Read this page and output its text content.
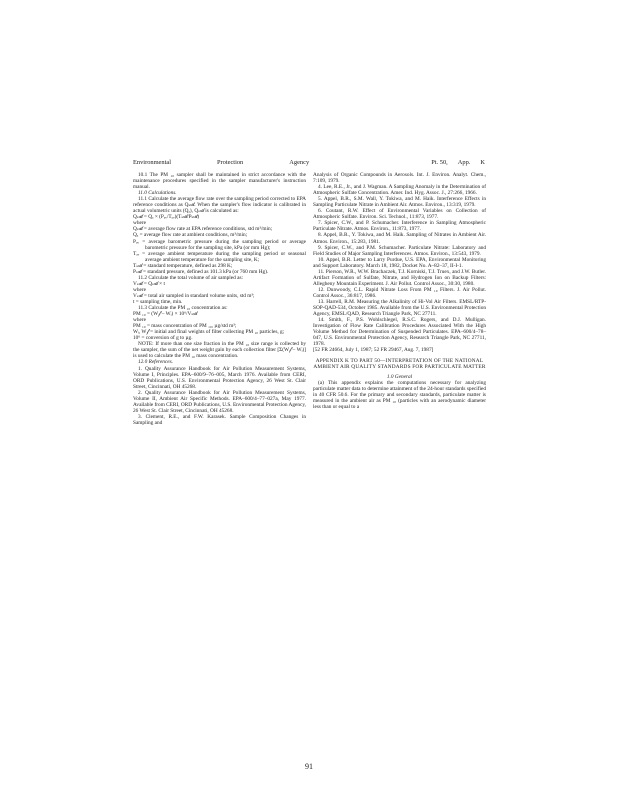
Environmental	Protection	Agency	Pt. 50, App. K

10.1 The PM ₁₀ sampler shall be maintained in strict accordance with the maintenance procedures specified in the sampler manufacturer's instruction manual.

11.0 Calculations.

11.1 Calculate the average flow rate over the sampling period corrected to EPA reference conditions as Qₛₜ𝒹. When the sampler's flow indicator is calibrated in actual volumetric units (Qₐ), Qₛₜ𝒹 is calculated as:

Qₛₜ𝒹 = Qₐ × (Pₐᵥ/Tₐᵥ)(Tₛₜ𝒹/Pₛₜ𝒹)

where

Qₛₜ𝒹 = average flow rate at EPA reference conditions, std m³/min;

Qₐ = average flow rate at ambient conditions, m³/min;

Pₐᵥ = average barometric pressure during the sampling period or average barometric pressure for the sampling site, kPa (or mm Hg);

Tₐᵥ = average ambient temperature during the sampling period or seasonal average ambient temperature for the sampling site, K;

Tₛₜ𝒹 = standard temperature, defined as 298 K;

Pₛₜ𝒹 = standard pressure, defined as 101.3 kPa (or 760 mm Hg).

11.2 Calculate the total volume of air sampled as:

Vₛₜ𝒹 = Qₛₜ𝒹 × t

where

Vₛₜ𝒹 = total air sampled in standard volume units, std m³;

t = sampling time, min.

11.3 Calculate the PM ₁₀ concentration as:

PM ₁₀ = (W𝒻 – Wᵢ) × 10⁶/Vₛₜ𝒹

where

PM ₁₀ = mass concentration of PM ₁₀, µg/std m³;

Wᵢ, W𝒻 = initial and final weights of filter collecting PM ₁₀ particles, g;

10⁶ = conversion of g to µg.

NOTE: If more than one size fraction in the PM ₁₀ size range is collected by the sampler, the sum of the net weight gain by each collection filter [Σ(W𝒻 – Wᵢ)] is used to calculate the PM ₁₀ mass concentration.

12.0 References.

1. Quality Assurance Handbook for Air Pollution Measurement Systems, Volume I, Principles. EPA–600/9–76–005, March 1976. Available from CERI, ORD Publications, U.S. Environmental Protection Agency, 26 West St. Clair Street, Cincinnati, OH 45268.

2. Quality Assurance Handbook for Air Pollution Measurement Systems, Volume II, Ambient Air Specific Methods. EPA–600/4–77–027a, May 1977. Available from CERI, ORD Publications, U.S. Environmental Protection Agency, 26 West St. Clair Street, Cincinnati, OH 45268.

3. Clement, R.E., and F.W. Karasek. Sample Composition Changes in Sampling and

Analysis of Organic Compounds in Aerosols. Int. J. Environ. Analyt. Chem., 7:109, 1979.

4. Lee, R.E., Jr., and J. Wagman. A Sampling Anomaly in the Determination of Atmospheric Sulfate Concentration. Amer. Ind. Hyg. Assoc. J., 27:266, 1966.

5. Appel, B.R., S.M. Wall, Y. Tokiwa, and M. Haik. Interference Effects in Sampling Particulate Nitrate in Ambient Air. Atmos. Environ., 13:319, 1979.

6. Coutant, R.W. Effect of Environmental Variables on Collection of Atmospheric Sulfate. Environ. Sci. Technol., 11:873, 1977.

7. Spicer, C.W., and P. Schumacher. Interference in Sampling Atmospheric Particulate Nitrate. Atmos. Environ., 11:873, 1977.

8. Appel, B.R., Y. Tokiwa, and M. Haik. Sampling of Nitrates in Ambient Air. Atmos. Environ., 15:283, 1981.

9. Spicer, C.W., and P.M. Schumacher. Particulate Nitrate: Laboratory and Field Studies of Major Sampling Interferences. Atmos. Environ., 13:543, 1979.

10. Appel, B.R. Letter to Larry Purdue, U.S. EPA, Environmental Monitoring and Support Laboratory. March 18, 1982, Docket No. A–82–37, II-I-1.

11. Pierson, W.R., W.W. Brachaczek, T.J. Korniski, T.J. Truex, and J.W. Butler. Artifact Formation of Sulfate, Nitrate, and Hydrogen Ion on Backup Filters: Allegheny Mountain Experiment. J. Air Pollut. Control Assoc., 30:30, 1980.

12. Dunwoody, C.L. Rapid Nitrate Loss From PM ₁₀ Filters. J. Air Pollut. Control Assoc., 36:817, 1986.

13. Harrell, R.M. Measuring the Alkalinity of Hi-Vol Air Filters. EMSL/RTP-SOP-QAD-534, October 1985. Available from the U.S. Environmental Protection Agency, EMSL/QAD, Research Triangle Park, NC 27711.

14. Smith, F., P.S. Wohlschlegel, R.S.C. Rogers, and D.J. Mulligan. Investigation of Flow Rate Calibration Procedures Associated With the High Volume Method for Determination of Suspended Particulates. EPA–600/4–78–047, U.S. Environmental Protection Agency, Research Triangle Park, NC 27711, 1978.

[52 FR 24664, July 1, 1987; 52 FR 29467, Aug. 7, 1987]

APPENDIX K TO PART 50—INTERPRETATION OF THE NATIONAL AMBIENT AIR QUALITY STANDARDS FOR PARTICULATE MATTER

1.0 General

(a) This appendix explains the computations necessary for analyzing particulate matter data to determine attainment of the 24-hour standards specified in 40 CFR 50.6. For the primary and secondary standards, particulate matter is measured in the ambient air as PM ₁₀ (particles with an aerodynamic diameter less than or equal to a

91
